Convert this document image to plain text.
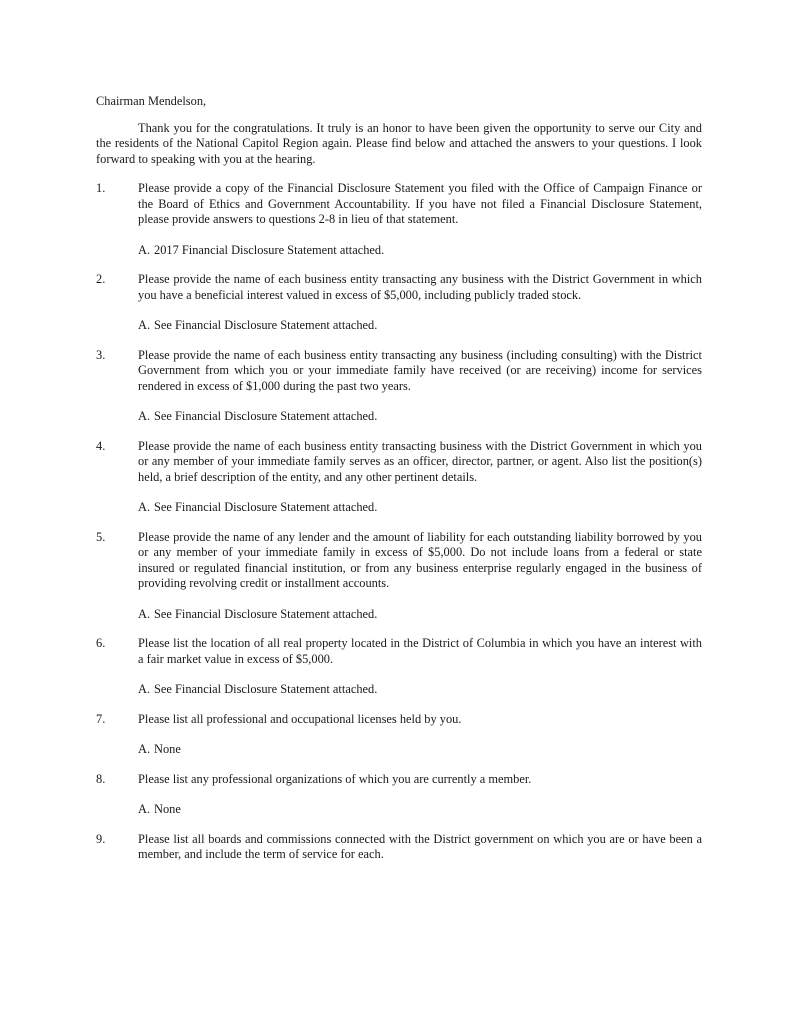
Chairman Mendelson,

Thank you for the congratulations. It truly is an honor to have been given the opportunity to serve our City and the residents of the National Capitol Region again. Please find below and attached the answers to your questions. I look forward to speaking with you at the hearing.

1.	Please provide a copy of the Financial Disclosure Statement you filed with the Office of Campaign Finance or the Board of Ethics and Government Accountability. If you have not filed a Financial Disclosure Statement, please provide answers to questions 2-8 in lieu of that statement.

A. 2017 Financial Disclosure Statement attached.

2.	Please provide the name of each business entity transacting any business with the District Government in which you have a beneficial interest valued in excess of $5,000, including publicly traded stock.

A. See Financial Disclosure Statement attached.

3.	Please provide the name of each business entity transacting any business (including consulting) with the District Government from which you or your immediate family have received (or are receiving) income for services rendered in excess of $1,000 during the past two years.

A. See Financial Disclosure Statement attached.

4.	Please provide the name of each business entity transacting business with the District Government in which you or any member of your immediate family serves as an officer, director, partner, or agent. Also list the position(s) held, a brief description of the entity, and any other pertinent details.

A. See Financial Disclosure Statement attached.

5.	Please provide the name of any lender and the amount of liability for each outstanding liability borrowed by you or any member of your immediate family in excess of $5,000. Do not include loans from a federal or state insured or regulated financial institution, or from any business enterprise regularly engaged in the business of providing revolving credit or installment accounts.

A. See Financial Disclosure Statement attached.

6.	Please list the location of all real property located in the District of Columbia in which you have an interest with a fair market value in excess of $5,000.

A. See Financial Disclosure Statement attached.

7.	Please list all professional and occupational licenses held by you.

A. None

8.	Please list any professional organizations of which you are currently a member.

A. None

9.	Please list all boards and commissions connected with the District government on which you are or have been a member, and include the term of service for each.
